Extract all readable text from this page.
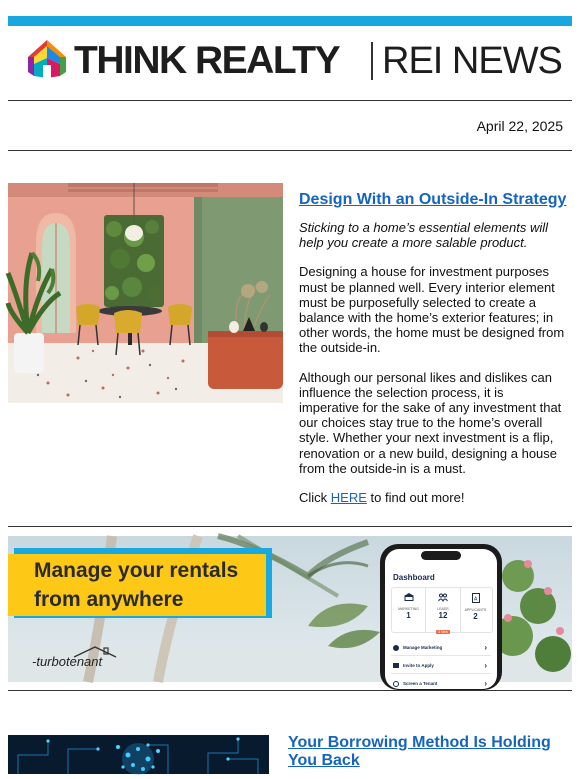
THINK REALTY REI NEWS
April 22, 2025
Design With an Outside-In Strategy

Sticking to a home’s essential elements will help you create a more salable product.

Designing a house for investment purposes must be planned well. Every interior element must be purposefully selected to create a balance with the home’s exterior features; in other words, the home must be designed from the outside-in.

Although our personal likes and dislikes can influence the selection process, it is imperative for the sake of any investment that our choices stay true to the home’s overall style. Whether your next investment is a flip, renovation or a new build, designing a house from the outside-in is a must.

Click HERE to find out more!

Manage your rentals
from anywhere
-turbotenant
Dashboard
MARKETING
1
LEADS
12
3 New
A
APPLICANTS
2
Manage Marketing	›
Invite to Apply	›
Screen a Tenant	›
Your Borrowing Method Is Holding You Back
